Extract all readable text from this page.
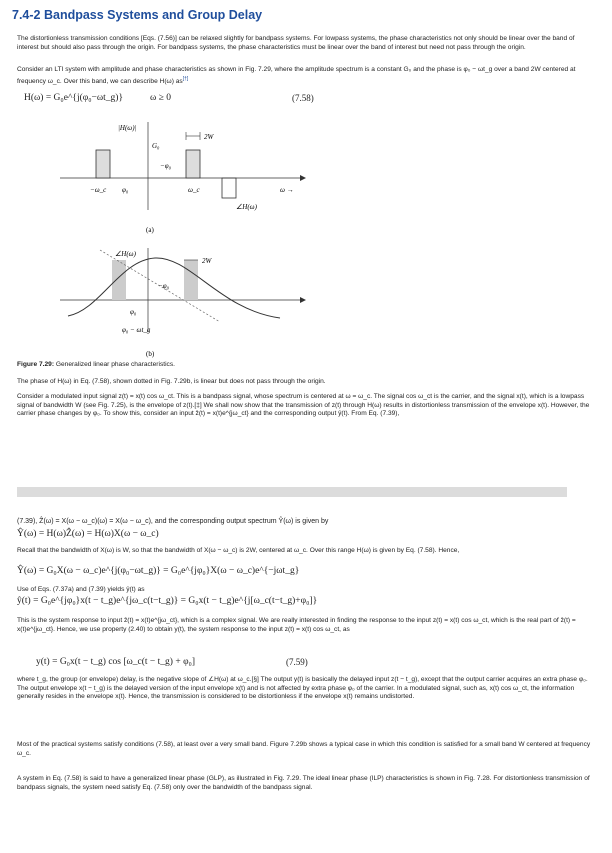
7.4-2 Bandpass Systems and Group Delay
The distortionless transmission conditions [Eqs. (7.56)] can be relaxed slightly for bandpass systems. For lowpass systems, the phase characteristics not only should be linear over the band of interest but should also pass through the origin. For bandpass systems, the phase characteristics must be linear over the band of interest but need not pass through the origin.
Consider an LTI system with amplitude and phase characteristics as shown in Fig. 7.29, where the amplitude spectrum is a constant G₀ and the phase is φ₀ − ωt_g over a band 2W centered at frequency ω_c. Over this band, we can describe H(ω) as[†]
H(ω) = G₀e^{j(φ₀−ωt_g)}	ω ≥ 0	(7.58)
|H(ω)|
G₀
2W
−φ₀
φ₀
−ω_c	ω_c	ω →
∠H(ω)
(a)
∠H(ω)
2W
−φ₀
φ₀
φ₀ − ωt_g
(b)
Figure 7.29: Generalized linear phase characteristics.
The phase of H(ω) in Eq. (7.58), shown dotted in Fig. 7.29b, is linear but does not pass through the origin.
Consider a modulated input signal z(t) = x(t) cos ω_ct. This is a bandpass signal, whose spectrum is centered at ω = ω_c. The signal cos ω_ct is the carrier, and the signal x(t), which is a lowpass signal of bandwidth W (see Fig. 7.25), is the envelope of z(t).[‡] We shall now show that the transmission of z(t) through H(ω) results in distortionless transmission of the envelope x(t). However, the carrier phase changes by φ₀. To show this, consider an input ẑ(t) = x(t)e^{jω_ct} and the corresponding output ŷ(t). From Eq. (7.39),
(7.39), Ẑ(ω) = X(ω − ω_c)(ω) = X(ω − ω_c), and the corresponding output spectrum Ŷ(ω) is given by
Ŷ(ω) = H(ω)Ẑ(ω) = H(ω)X(ω − ω_c)
Recall that the bandwidth of X(ω) is W, so that the bandwidth of X(ω − ω_c) is 2W, centered at ω_c. Over this range H(ω) is given by Eq. (7.58). Hence,
Ŷ(ω) = G₀X(ω − ω_c)e^{j(φ₀−ωt_g)} = G₀e^{jφ₀}X(ω − ω_c)e^{−jωt_g}
Use of Eqs. (7.37a) and (7.39) yields ŷ(t) as
ŷ(t) = G₀e^{jφ₀}x(t − t_g)e^{jω_c(t−t_g)} = G₀x(t − t_g)e^{j[ω_c(t−t_g)+φ₀]}
This is the system response to input ẑ(t) = x(t)e^{jω_ct}, which is a complex signal. We are really interested in finding the response to the input z(t) = x(t) cos ω_ct, which is the real part of ẑ(t) = x(t)e^{jω_ct}. Hence, we use property (2.40) to obtain y(t), the system response to the input z(t) = x(t) cos ω_ct, as
y(t) = G₀x(t − t_g) cos [ω_c(t − t_g) + φ₀]	(7.59)
where t_g, the group (or envelope) delay, is the negative slope of ∠H(ω) at ω_c.[§] The output y(t) is basically the delayed input z(t − t_g), except that the output carrier acquires an extra phase φ₀. The output envelope x(t − t_g) is the delayed version of the input envelope x(t) and is not affected by extra phase φ₀ of the carrier. In a modulated signal, such as, x(t) cos ω_ct, the information generally resides in the envelope x(t). Hence, the transmission is considered to be distortionless if the envelope x(t) remains undistorted.
Most of the practical systems satisfy conditions (7.58), at least over a very small band. Figure 7.29b shows a typical case in which this condition is satisfied for a small band W centered at frequency ω_c.
A system in Eq. (7.58) is said to have a generalized linear phase (GLP), as illustrated in Fig. 7.29. The ideal linear phase (ILP) characteristics is shown in Fig. 7.28. For distortionless transmission of bandpass signals, the system need satisfy Eq. (7.58) only over the bandwidth of the bandpass signal.
